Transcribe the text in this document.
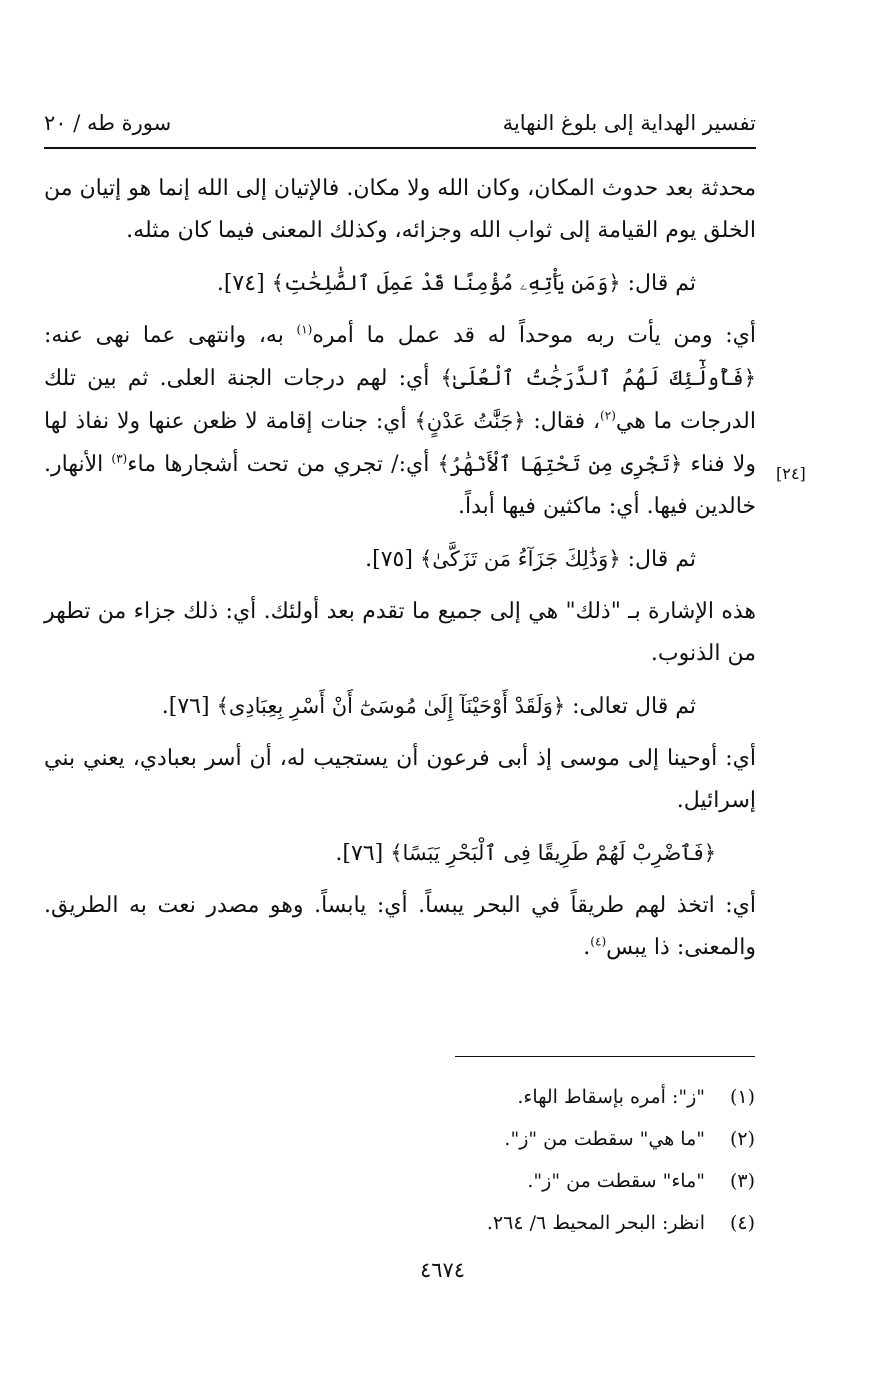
تفسير الهداية إلى بلوغ النهاية
سورة طه / ٢٠
[٢٤]

محدثة بعد حدوث المكان، وكان الله ولا مكان. فالإتيان إلى الله إنما هو إتيان من الخلق يوم القيامة إلى ثواب الله وجزائه، وكذلك المعنى فيما كان مثله.

ثم قال: ﴿وَمَن يَأْتِهِۦ مُؤْمِنًا قَدْ عَمِلَ ٱلصَّٰلِحَٰتِ﴾ [٧٤].

أي: ومن يأت ربه موحداً له قد عمل ما أمره$^{(١)}$ به، وانتهى عما نهى عنه: ﴿فَأُولَٰٓئِكَ لَهُمُ ٱلدَّرَجَٰتُ ٱلْعُلَىٰ﴾ أي: لهم درجات الجنة العلى. ثم بين تلك الدرجات ما هي$^{(٢)}$، فقال: ﴿جَنَّٰتُ عَدْنٍ﴾ أي: جنات إقامة لا ظعن عنها ولا نفاذ لها ولا فناء ﴿تَجْرِى مِن تَحْتِهَا ٱلْأَنْهَٰرُ﴾ أي:/ تجري من تحت أشجارها ماء$^{(٣)}$ الأنهار. خالدين فيها. أي: ماكثين فيها أبداً.

ثم قال: ﴿وَذَٰلِكَ جَزَآءُ مَن تَزَكَّىٰ﴾ [٧٥].

هذه الإشارة بـ "ذلك" هي إلى جميع ما تقدم بعد أولئك. أي: ذلك جزاء من تطهر من الذنوب.

ثم قال تعالى: ﴿وَلَقَدْ أَوْحَيْنَآ إِلَىٰ مُوسَىٰٓ أَنْ أَسْرِ بِعِبَادِى﴾ [٧٦].

أي: أوحينا إلى موسى إذ أبى فرعون أن يستجيب له، أن أسر بعبادي، يعني بني إسرائيل.

﴿فَٱضْرِبْ لَهُمْ طَرِيقًا فِى ٱلْبَحْرِ يَبَسًا﴾ [٧٦].

أي: اتخذ لهم طريقاً في البحر يبساً. أي: يابساً. وهو مصدر نعت به الطريق. والمعنى: ذا يبس$^{(٤)}$.

(١)
"ز": أمره بإسقاط الهاء.
(٢)
"ما هي" سقطت من "ز".
(٣)
"ماء" سقطت من "ز".
(٤)
انظر: البحر المحيط ٦/ ٢٦٤.
٤٦٧٤
